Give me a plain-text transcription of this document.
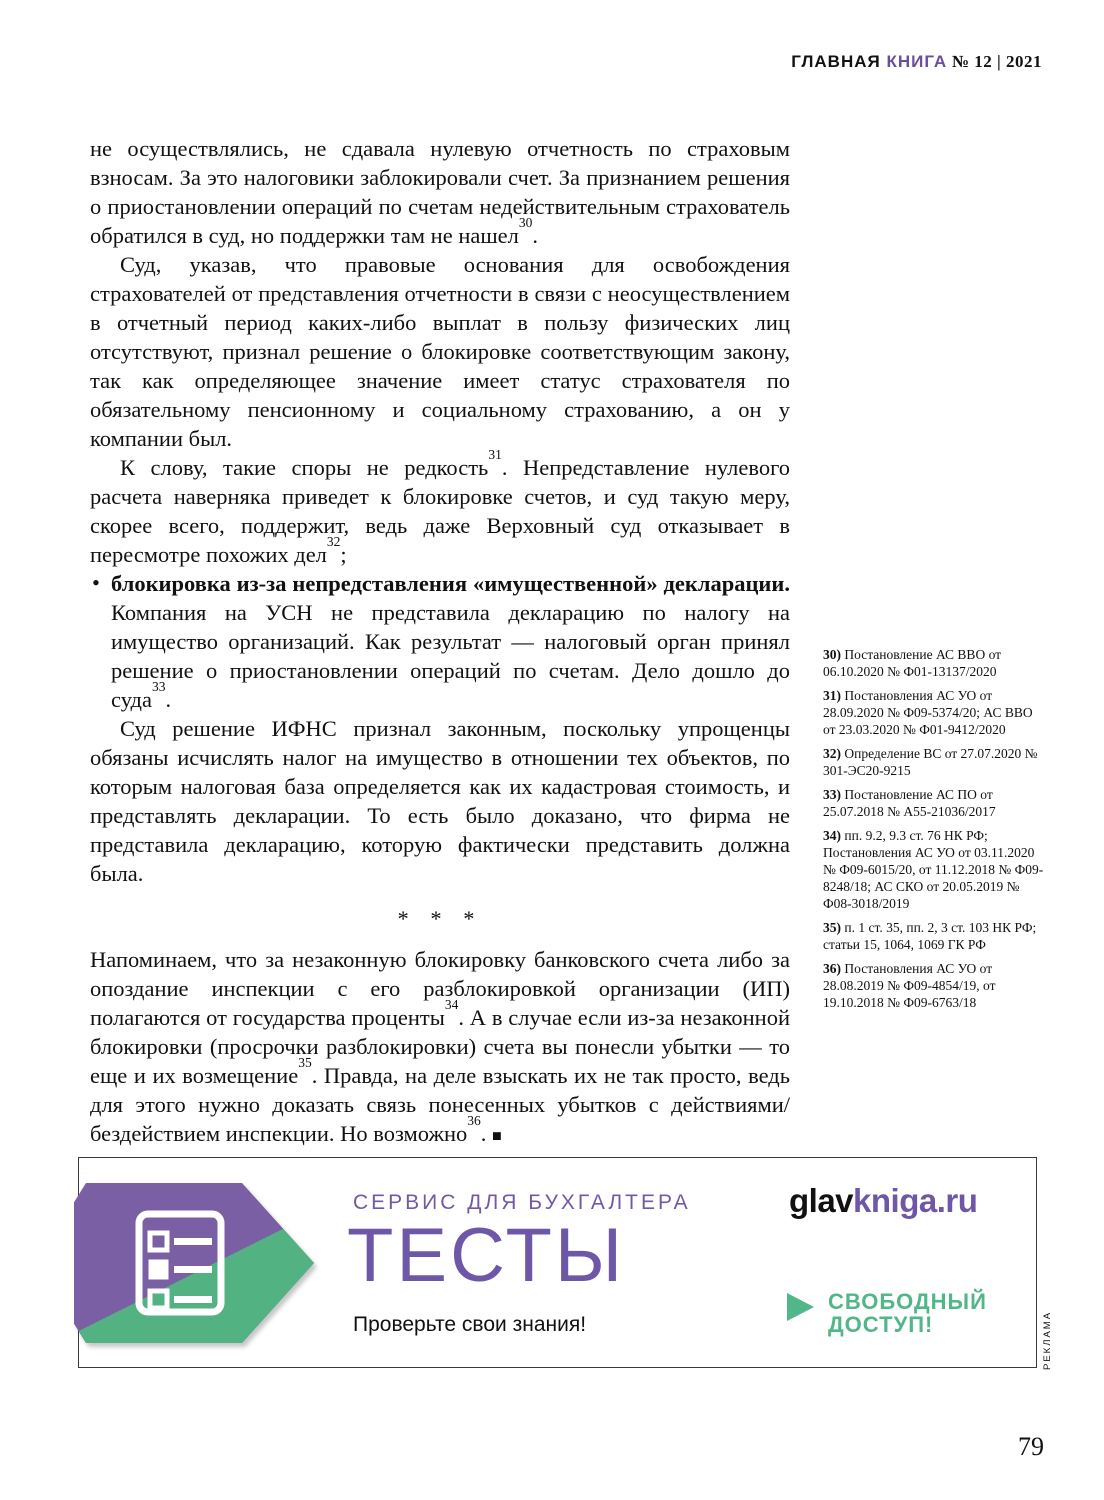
ГЛАВНАЯ КНИГА № 12 | 2021

не осуществлялись, не сдавала нулевую отчетность по страховым взносам. За это налоговики заблокировали счет. За признанием решения о приостановлении операций по счетам недействительным страхователь обратился в суд, но поддержки там не нашел$^{30}$.

Суд, указав, что правовые основания для освобождения страхователей от представления отчетности в связи с неосуществлением в отчетный период каких-либо выплат в пользу физических лиц отсутствуют, признал решение о блокировке соответствующим закону, так как определяющее значение имеет статус страхователя по обязательному пенсионному и социальному страхованию, а он у компании был.

К слову, такие споры не редкость$^{31}$. Непредставление нулевого расчета наверняка приведет к блокировке счетов, и суд такую меру, скорее всего, поддержит, ведь даже Верховный суд отказывает в пересмотре похожих дел$^{32}$;

• блокировка из-за непредставления «имущественной» декларации. Компания на УСН не представила декларацию по налогу на имущество организаций. Как результат — налоговый орган принял решение о приостановлении операций по счетам. Дело дошло до суда$^{33}$.

Суд решение ИФНС признал законным, поскольку упрощенцы обязаны исчислять налог на имущество в отношении тех объектов, по которым налоговая база определяется как их кадастровая стоимость, и представлять декларации. То есть было доказано, что фирма не представила декларацию, которую фактически представить должна была.

* * *

Напоминаем, что за незаконную блокировку банковского счета либо за опоздание инспекции с его разблокировкой организации (ИП) полагаются от государства проценты$^{34}$. А в случае если из-за незаконной блокировки (просрочки разблокировки) счета вы понесли убытки — то еще и их возмещение$^{35}$. Правда, на деле взыскать их не так просто, ведь для этого нужно доказать связь понесенных убытков с действиями/бездействием инспекции. Но возможно$^{36}$. ■

30) Постановление АС ВВО от 06.10.2020 № Ф01-13137/2020

31) Постановления АС УО от 28.09.2020 № Ф09-5374/20; АС ВВО от 23.03.2020 № Ф01-9412/2020

32) Определение ВС от 27.07.2020 № 301-ЭС20-9215

33) Постановление АС ПО от 25.07.2018 № А55-21036/2017

34) пп. 9.2, 9.3 ст. 76 НК РФ; Постановления АС УО от 03.11.2020 № Ф09-6015/20, от 11.12.2018 № Ф09-8248/18; АС СКО от 20.05.2019 № Ф08-3018/2019

35) п. 1 ст. 35, пп. 2, 3 ст. 103 НК РФ; статьи 15, 1064, 1069 ГК РФ

36) Постановления АС УО от 28.08.2019 № Ф09-4854/19, от 19.10.2018 № Ф09-6763/18

СЕРВИС ДЛЯ БУХГАЛТЕРА
ТЕСТЫ
Проверьте свои знания!
glavkniga.ru
СВОБОДНЫЙ
ДОСТУП!	РЕКЛАМА
79
